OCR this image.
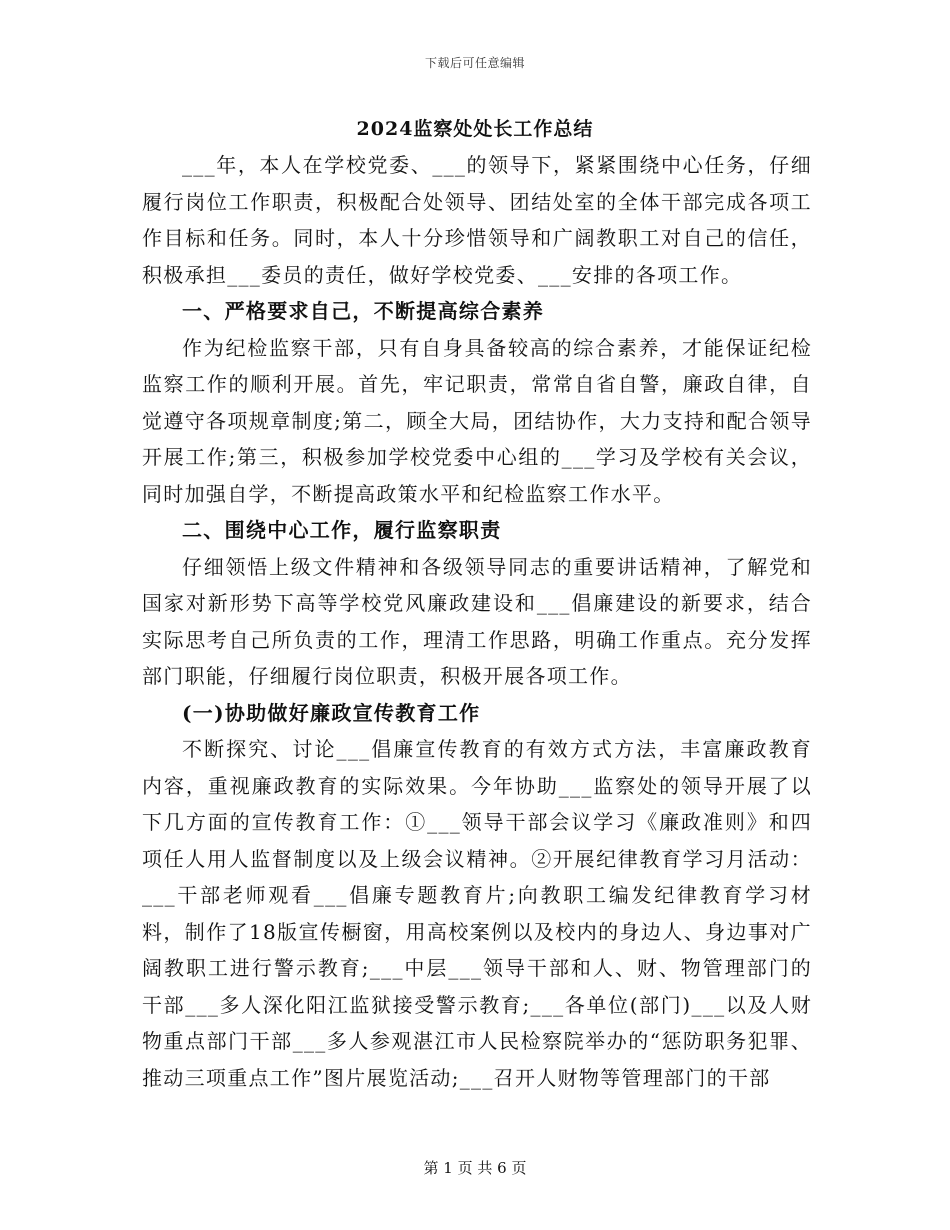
下载后可任意编辑
2024监察处处长工作总结

___年，本人在学校党委、___的领导下，紧紧围绕中心任务，仔细履行岗位工作职责，积极配合处领导、团结处室的全体干部完成各项工作目标和任务。同时，本人十分珍惜领导和广阔教职工对自己的信任，积极承担___委员的责任，做好学校党委、___安排的各项工作。

一、严格要求自己，不断提高综合素养

作为纪检监察干部，只有自身具备较高的综合素养，才能保证纪检监察工作的顺利开展。首先，牢记职责，常常自省自警，廉政自律，自觉遵守各项规章制度;第二，顾全大局，团结协作，大力支持和配合领导开展工作;第三，积极参加学校党委中心组的___学习及学校有关会议，同时加强自学，不断提高政策水平和纪检监察工作水平。

二、围绕中心工作，履行监察职责

仔细领悟上级文件精神和各级领导同志的重要讲话精神，了解党和国家对新形势下高等学校党风廉政建设和___倡廉建设的新要求，结合实际思考自己所负责的工作，理清工作思路，明确工作重点。充分发挥部门职能，仔细履行岗位职责，积极开展各项工作。

(一)协助做好廉政宣传教育工作

不断探究、讨论___倡廉宣传教育的有效方式方法，丰富廉政教育内容，重视廉政教育的实际效果。今年协助___监察处的领导开展了以下几方面的宣传教育工作：①___领导干部会议学习《廉政准则》和四项任人用人监督制度以及上级会议精神。②开展纪律教育学习月活动：___干部老师观看___倡廉专题教育片;向教职工编发纪律教育学习材料，制作了18版宣传橱窗，用高校案例以及校内的身边人、身边事对广阔教职工进行警示教育;___中层___领导干部和人、财、物管理部门的干部___多人深化阳江监狱接受警示教育;___各单位(部门)___以及人财物重点部门干部___多人参观湛江市人民检察院举办的“惩防职务犯罪、推动三项重点工作”图片展览活动;___召开人财物等管理部门的干部

第 1 页 共 6 页
